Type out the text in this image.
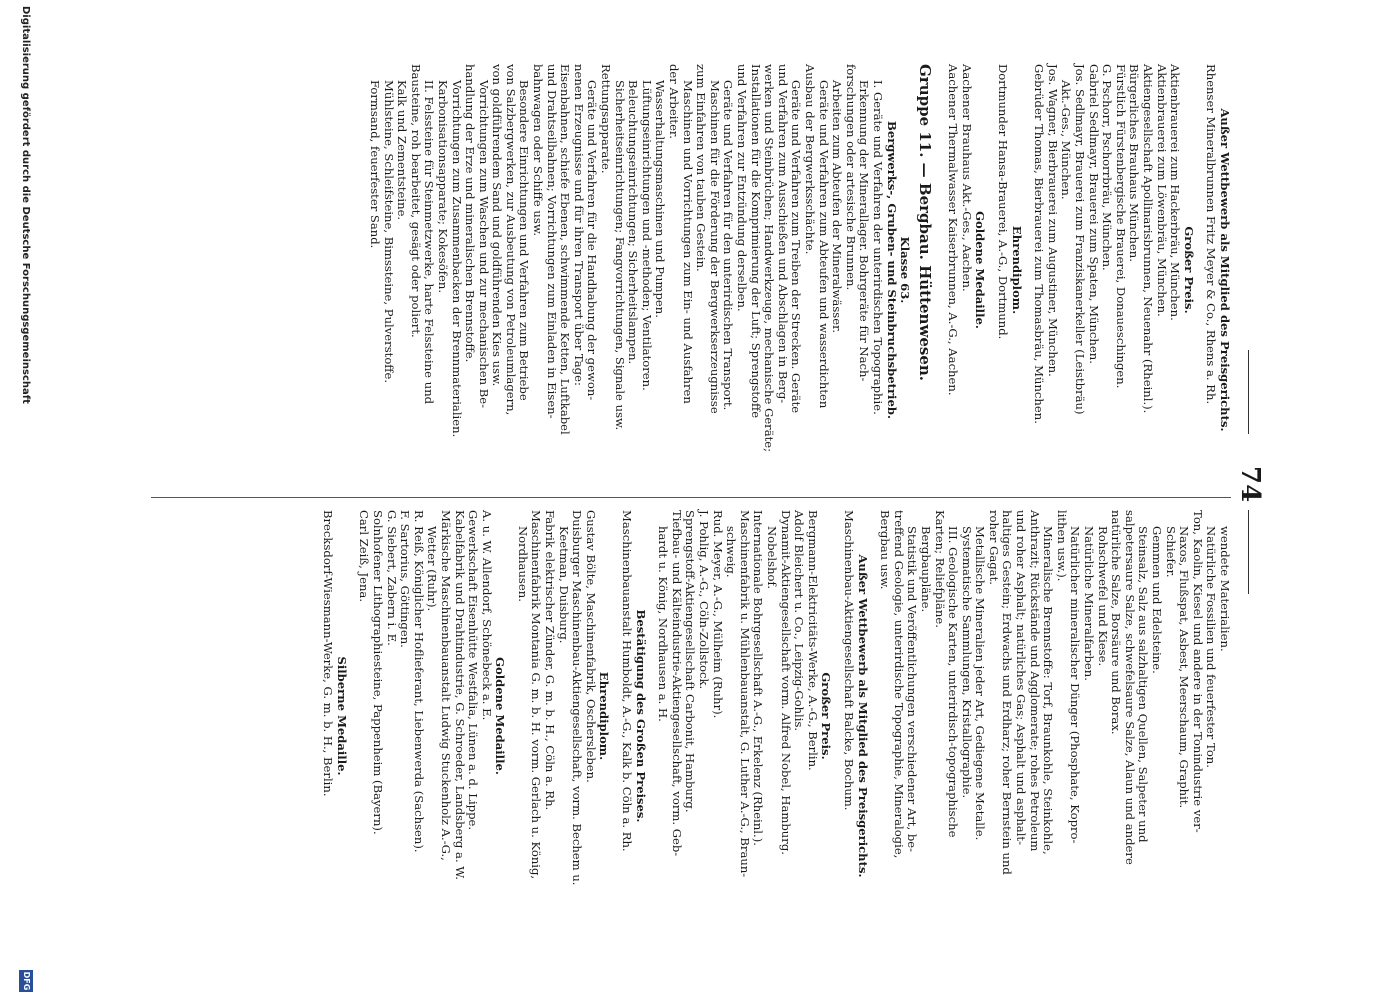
74

Außer Wettbewerb als Mitglied des Preisgerichts.

Rhenser Mineralbrunnen Fritz Meyer & Co., Rhens a. Rh.

Großer Preis.

Aktienbrauerei zum Hackerbräu, München.

Aktienbrauerei zum Löwenbräu, München.

Aktiengesellschaft Apollinarisbrunnen, Neuenahr (Rheinl.).

Bürgerliches Brauhaus München.

Fürstlich Fürstenbergische Brauerei, Donaueschingen.

G. Pschorr, Pschorrbräu, München.

Gabriel Sedlmayr, Brauerei zum Spaten, München.

Jos. Sedlmayr, Brauerei zum Franziskanerkeller (Leistbräu)

Akt.-Ges., München.

Jos. Wagner, Bierbrauerei zum Augustiner, München.

Gebrüder Thomas, Bierbrauerei zum Thomasbräu, München.

Ehrendiplom.

Dortmunder Hansa-Brauerei, A.-G., Dortmund.

Goldene Medaille.

Aachener Brauhaus Akt.-Ges., Aachen.

Aachener Thermalwasser Kaiserbrunnen, A.-G., Aachen.

Gruppe 11. — Bergbau. Hüttenwesen.

Klasse 63.

Bergwerks-, Gruben- und Steinbruchsbetrieb.

I. Geräte und Verfahren der unterirdischen Topographie.

Erkennung der Minerallager. Bohrgeräte für Nach-

forschungen oder artesische Brunnen.

Arbeiten zum Abteufen der Mineralwässer.

Geräte und Verfahren zum Abteufen und wasserdichten

Ausbau der Bergwerksschächte.

Geräte und Verfahren zum Treiben der Strecken. Geräte

und Verfahren zum Ausschießen und Abschlagen in Berg-

werken und Steinbrüchen; Handwerkzeuge, mechanische Geräte;

Installationen für die Komprimierung der Luft; Sprengstoffe

und Verfahren zur Entzündung derselben.

Geräte und Verfahren für den unterirdischen Transport.

Maschinen für die Förderung der Bergwerkserzeugnisse

zum Einfahren von tauben Gestein.

Maschinen und Vorrichtungen zum Ein- und Ausfahren

der Arbeiter.

Wasserhaltungsmaschinen und Pumpen.

Lüftungseinrichtungen und -methoden; Ventilatoren.

Beleuchtungseinrichtungen; Sicherheitslampen.

Sicherheitseinrichtungen; Fangvorrichtungen, Signale usw.

Rettungsapparate.

Geräte und Verfahren für die Handhabung der gewon-

nenen Erzeugnisse und für ihren Transport über Tage:

Eisenbahnen, schiefe Ebenen, schwimmende Ketten, Luftkabel

und Drahtseilbahnen; Vorrichtungen zum Einladen in Eisen-

bahnwagen oder Schiffe usw.

Besondere Einrichtungen und Verfahren zum Betriebe

von Salzbergwerken, zur Ausbeutung von Petroleumlagern,

von goldführendem Sand und goldführenden Kies usw.

Vorrichtungen zum Waschen und zur mechanischen Be-

handlung der Erze und mineralischen Brennstoffe.

Vorrichtungen zum Zusammenbacken der Brennmaterialien.

Karbonisationsapparate; Kokesöfen.

II. Felssteine für Steinmetzwerke, harte Felssteine und

Bausteine, roh bearbeitet, gesägt oder poliert.

Kalk und Zementsteine.

Mühlsteine, Schleifsteine, Bimssteine, Pulverstoffe.

Formsand, feuerfester Sand.

wendete Materialien.

Natürliche Fossilien und feuerfester Ton.

Ton, Kaolin, Kiesel und andere in der Tonindustrie ver-

Naxos, Flußspat, Asbest, Meerschaum, Graphit.

Schiefer.

Gemmen und Edelsteine.

Steinsalz, Salz aus salzhaltigen Quellen, Salpeter und

salpetersaure Salze, schwefelsaure Salze, Alaun und andere

natürliche Salze, Borsäure und Borax.

Rohschwefel und Kiese.

Natürliche Mineralfarben.

Natürlicher mineralischer Dünger (Phosphate, Kopro-

lithen usw.).

Mineralische Brennstoffe: Torf, Braunkohle, Steinkohle,

Anthrazit; Rückstände und Agglomerate; rohes Petroleum

und roher Asphalt; natürliches Gas; Asphalt und asphalt-

haltiges Gestein; Erdwachs und Erdharz; roher Bernstein und

roher Gagat.

Metallische Mineralien jeder Art, Gediegene Metalle.

Systematische Sammlungen, Kristallographie.

III. Geologische Karten, unterirdisch-topographische

Karten; Reliefpläne.

Bergbaupläne.

Statistik und Veröffentlichungen verschiedener Art, be-

treffend Geologie, unterirdische Topographie, Mineralogie,

Bergbau usw.

Außer Wettbewerb als Mitglied des Preisgerichts.

Maschinenbau-Aktiengesellschaft Balcke, Bochum.

Großer Preis.

Bergmann-Elektricitäts-Werke, A.-G., Berlin.

Adolf Bleichert u. Co., Leipzig-Gohlis.

Dynamit-Aktiengesellschaft vorm. Alfred Nobel, Hamburg.

Nobelshof.

Internationale Bohrgesellschaft A.-G., Erkelenz (Rheinl.).

Maschinenfabrik u. Mühlenbauanstalt, G. Luther A.-G., Braun-

schweig.

Rud. Meyer, A.-G., Mülheim (Ruhr).

J. Pohlig, A.-G., Cöln-Zollstock.

Sprengstoff-Aktiengesellschaft Carbonit, Hamburg.

Tiefbau- und Kälteindustrie-Aktiengesellschaft, vorm. Geb-

hardt u. König, Nordhausen a. H.

Bestätigung des Großen Preises.

Maschinenbauanstalt Humboldt, A.-G., Kalk b. Cöln a. Rh.

Ehrendiplom.

Gustav Bölte, Maschinenfabrik, Oschersleben.

Duisburger Maschinenbau-Aktiengesellschaft, vorm. Bechem u.

Keetman, Duisburg.

Fabrik elektrischer Zünder, G. m. b. H., Cöln a. Rh.

Maschinenfabrik Montania G. m. b. H. vorm. Gerlach u. König,

Nordhausen.

Goldene Medaille.

A. u. W. Allendorf, Schönebeck a. E.

Gewerkschaft Eisenhütte Westfalia, Lünen a. d. Lippe.

Kabelfabrik und Drahtindustrie, G. Schroeder, Landsberg a. W.

Märkische Maschinenbauanstalt Ludwig Stuckenholz A.-G.,

Wetter (Ruhr).

R. Reiß, Königlicher Hoflieferant, Liebenwerda (Sachsen).

F. Sartorius, Göttingen.

G. Siebert, Zabern i. E.

Solnhofener Lithographiesteine, Pappenheim (Bayern).

Carl Zeiß, Jena.

Silberne Medaille.

Brecksdorf-Wiesmann-Werke, G. m. b. H., Berlin.

Digitalisierung gefördert durch die Deutsche Forschungsgemeinschaft
DFG
